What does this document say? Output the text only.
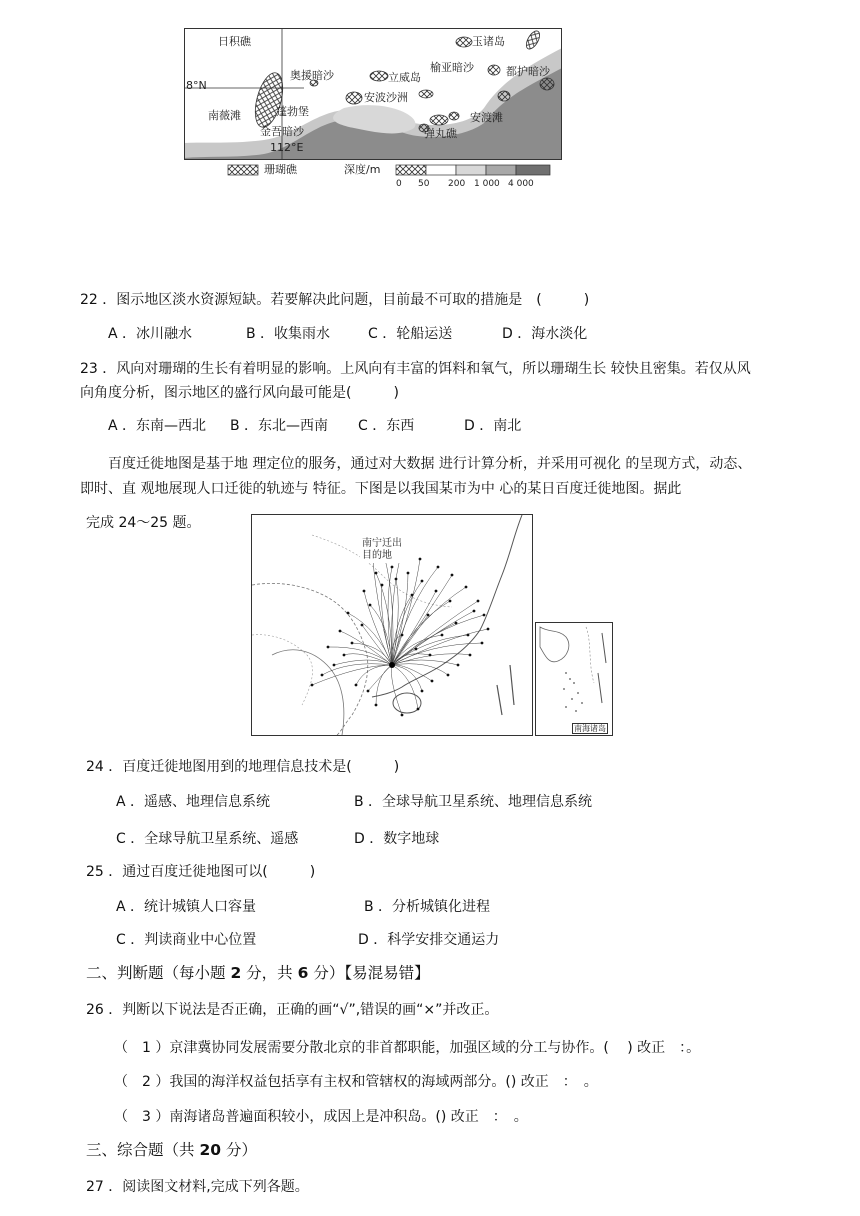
日积礁	玉诸岛
奥援暗沙
榆亚暗沙	都护暗沙
立威岛
8°N
安波沙洲
南薇滩	蓬勃堡	安渡滩
弹丸礁
金吾暗沙
112°E
珊瑚礁	深度/m
0 50 200 1 000 4 000
22 ．图示地区淡水资源短缺。若要解决此问题，目前最不可取的措施是　(　　　)
A ．冰川融水	B ．收集雨水	C ．轮船运送	D ．海水淡化
23 ．风向对珊瑚的生长有着明显的影响。上风向有丰富的饵料和氧气，所以珊瑚生长 较快且密集。若仅从风
向角度分析，图示地区的盛行风向最可能是(　　　)
A ．东南—西北 B ．东北—西南 C ．东西	D ．南北
百度迁徙地图是基于地 理定位的服务，通过对大数据 进行计算分析，并采用可视化 的呈现方式，动态、
即时、直 观地展现人口迁徙的轨迹与 特征。下图是以我国某市为中 心的某日百度迁徙地图。据此
完成 24～25 题。
南宁迁出
目的地
南海诸岛
24 ．百度迁徙地图用到的地理信息技术是(　　　)
A ．遥感、地理信息系统	B ．全球导航卫星系统、地理信息系统
C ．全球导航卫星系统、遥感	D ．数字地球
25 ．通过百度迁徙地图可以(　　　)
A ．统计城镇人口容量	B ．分析城镇化进程
C ．判读商业中心位置	D ．科学安排交通运力
二、判断题（每小题 2 分，共 6 分）【易混易错】
26 ．判断以下说法是否正确，正确的画“√”,错误的画“×”并改正。
（　1 ）京津冀协同发展需要分散北京的非首都职能，加强区域的分工与协作。(　 ) 改正　：。
（　2 ）我国的海洋权益包括享有主权和管辖权的海域两部分。() 改正　：　。
（　3 ）南海诸岛普遍面积较小，成因上是冲积岛。() 改正　：　。
三、综合题（共 20 分）
27 ．阅读图文材料,完成下列各题。
